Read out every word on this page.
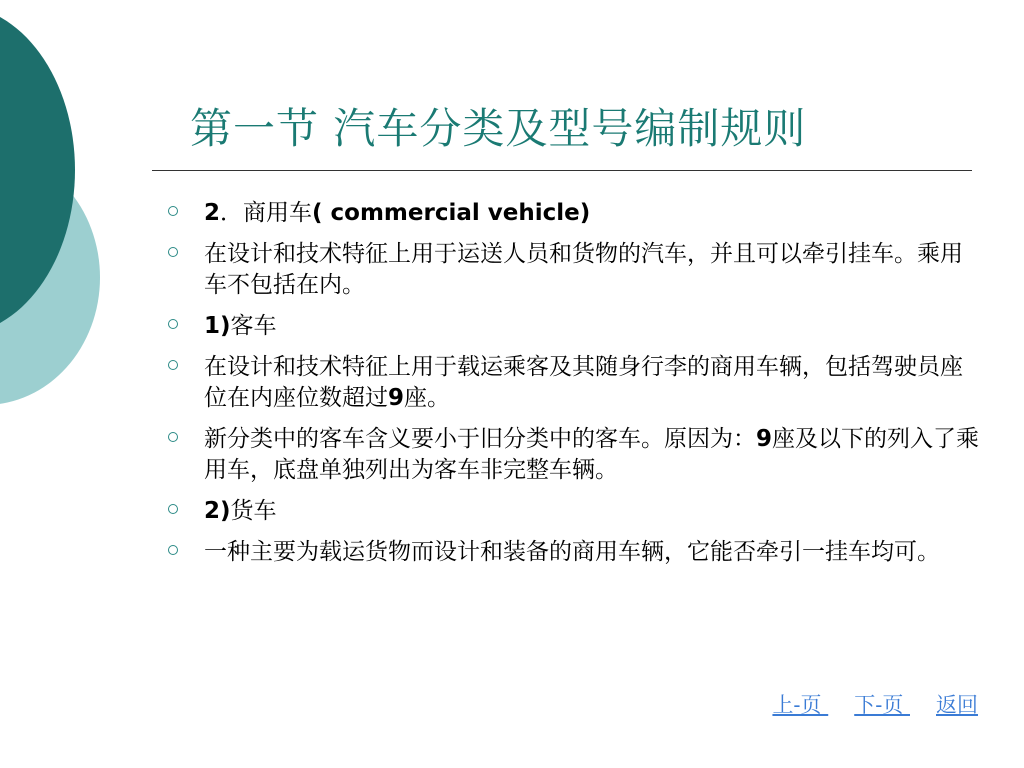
第一节 汽车分类及型号编制规则
2．商用车( commercial vehicle)
在设计和技术特征上用于运送人员和货物的汽车，并且可以牵引挂车。乘用车不包括在内。
1)客车
在设计和技术特征上用于载运乘客及其随身行李的商用车辆，包括驾驶员座位在内座位数超过9座。
新分类中的客车含义要小于旧分类中的客车。原因为：9座及以下的列入了乘用车，底盘单独列出为客车非完整车辆。
2)货车
一种主要为载运货物而设计和装备的商用车辆，它能否牵引一挂车均可。
上-页 下-页 返回
